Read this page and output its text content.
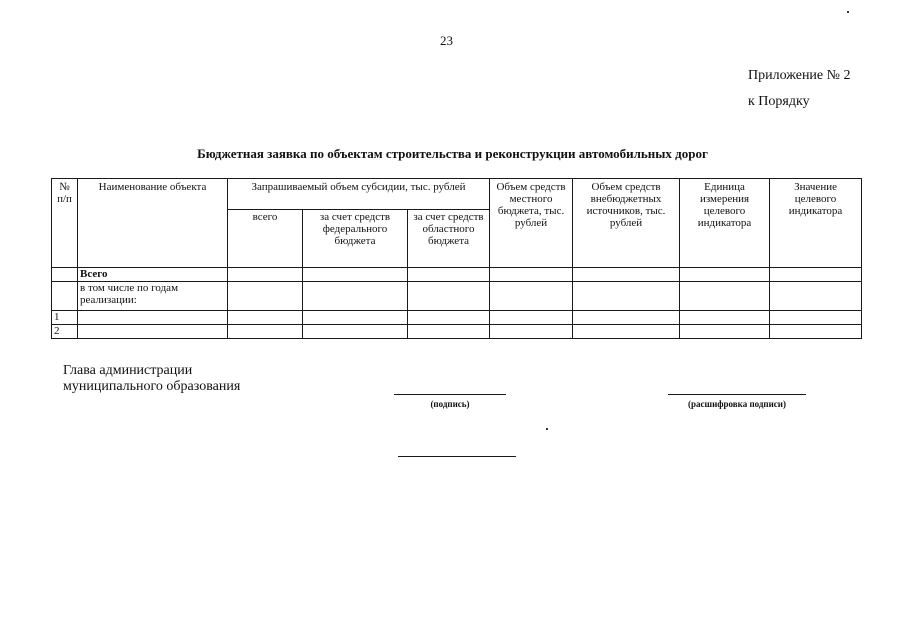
23
Приложение № 2
к Порядку
Бюджетная заявка по объектам строительства и реконструкции автомобильных дорог
№ п/п	Наименование объекта	Запрашиваемый объем субсидии, тыс. рублей			Объем средств местного бюджета, тыс. рублей	Объем средств внебюджетных источников, тыс. рублей	Единица измерения целевого индикатора	Значение целевого индикатора
		всего	за счет средств федерального бюджета	за счет средств областного бюджета				
	Всего							
	в том числе по годам реализации:							
1								
2								
Глава администрации
муниципального образования
(подпись)	(расшифровка подписи)
